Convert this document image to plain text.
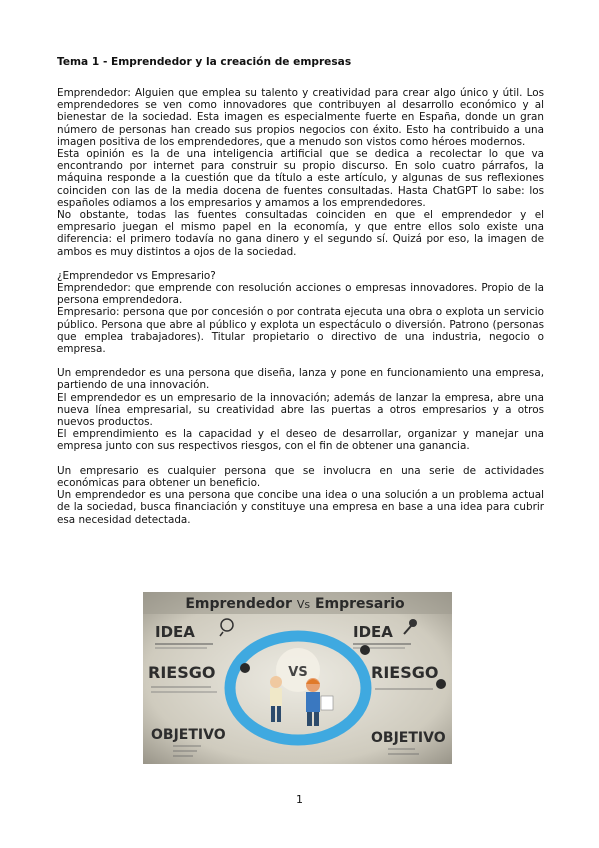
Tema 1 - Emprendedor y la creación de empresas

Emprendedor: Alguien que emplea su talento y creatividad para crear algo único y útil. Los emprendedores se ven como innovadores que contribuyen al desarrollo económico y al bienestar de la sociedad. Esta imagen es especialmente fuerte en España, donde un gran número de personas han creado sus propios negocios con éxito. Esto ha contribuido a una imagen positiva de los emprendedores, que a menudo son vistos como héroes modernos.

Esta opinión es la de una inteligencia artificial que se dedica a recolectar lo que va encontrando por internet para construir su propio discurso. En solo cuatro párrafos, la máquina responde a la cuestión que da título a este artículo, y algunas de sus reflexiones coinciden con las de la media docena de fuentes consultadas. Hasta ChatGPT lo sabe: los españoles odiamos a los empresarios y amamos a los emprendedores.

No obstante, todas las fuentes consultadas coinciden en que el emprendedor y el empresario juegan el mismo papel en la economía, y que entre ellos solo existe una diferencia: el primero todavía no gana dinero y el segundo sí. Quizá por eso, la imagen de ambos es muy distintos a ojos de la sociedad.

¿Emprendedor vs Empresario?

Emprendedor: que emprende con resolución acciones o empresas innovadores. Propio de la persona emprendedora.

Empresario: persona que por concesión o por contrata ejecuta una obra o explota un servicio público. Persona que abre al público y explota un espectáculo o diversión. Patrono (personas que emplea trabajadores). Titular propietario o directivo de una industria, negocio o empresa.

Un emprendedor es una persona que diseña, lanza y pone en funcionamiento una empresa, partiendo de una innovación.

El emprendedor es un empresario de la innovación; además de lanzar la empresa, abre una nueva línea empresarial, su creatividad abre las puertas a otros empresarios y a otros nuevos productos.

El emprendimiento es la capacidad y el deseo de desarrollar, organizar y manejar una empresa junto con sus respectivos riesgos, con el fin de obtener una ganancia.

Un empresario es cualquier persona que se involucra en una serie de actividades económicas para obtener un beneficio.

Un emprendedor es una persona que concibe una idea o una solución a un problema actual de la sociedad, busca financiación y constituye una empresa en base a una idea para cubrir esa necesidad detectada.

Emprendedor Vs Empresario
IDEA	IDEA
RIESGO	RIESGO
OBJETIVO	OBJETIVO
VS
1
